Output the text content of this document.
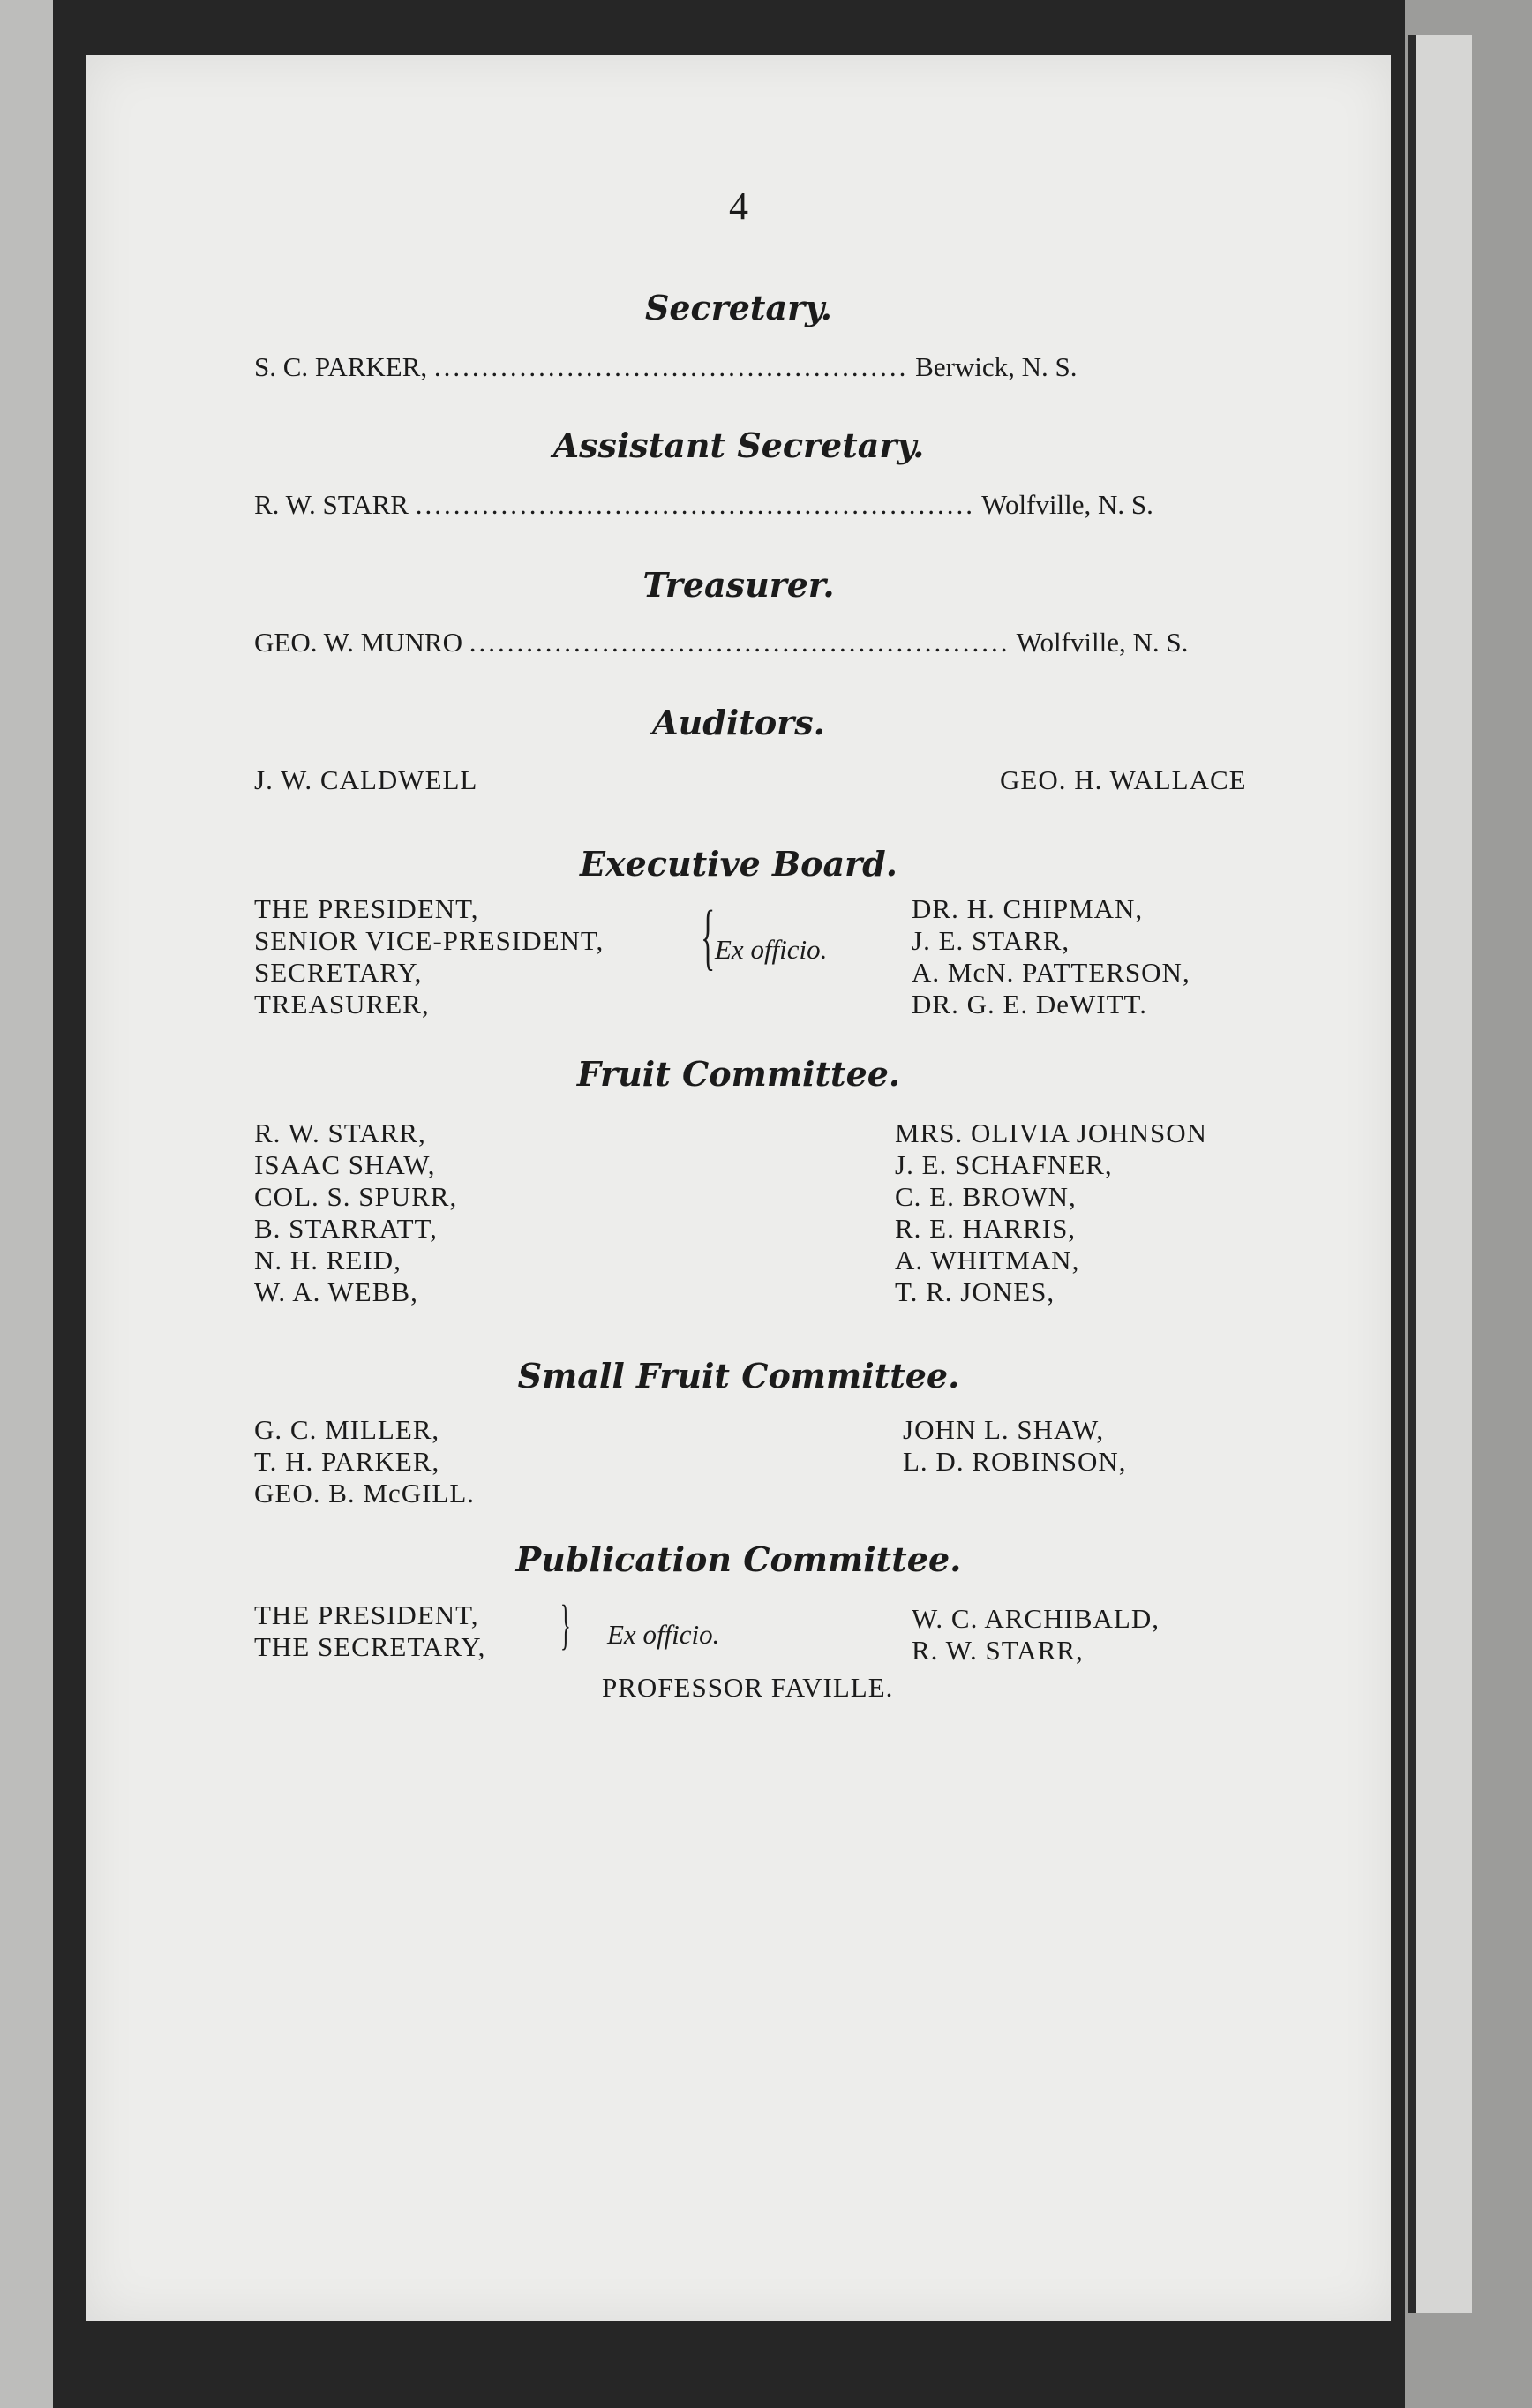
4
Secretary.
S. C. PARKER, .................................................. Berwick, N. S.
Assistant Secretary.
R. W. STARR ........................................................... Wolfville, N. S.
Treasurer.
GEO. W. MUNRO ......................................................... Wolfville, N. S.
Auditors.
J. W. CALDWELL	GEO. H. WALLACE
Executive Board.
THE PRESIDENT,
SENIOR VICE-PRESIDENT,
SECRETARY,
TREASURER,
{ Ex officio.
DR. H. CHIPMAN,
J. E. STARR,
A. McN. PATTERSON,
DR. G. E. DeWITT.
Fruit Committee.
R. W. STARR,
ISAAC SHAW,
COL. S. SPURR,
B. STARRATT,
N. H. REID,
W. A. WEBB,
MRS. OLIVIA JOHNSON
J. E. SCHAFNER,
C. E. BROWN,
R. E. HARRIS,
A. WHITMAN,
T. R. JONES,
Small Fruit Committee.
G. C. MILLER,
T. H. PARKER,
GEO. B. McGILL.
JOHN L. SHAW,
L. D. ROBINSON,
Publication Committee.
THE PRESIDENT,
THE SECRETARY, } Ex officio.
W. C. ARCHIBALD,
R. W. STARR,
PROFESSOR FAVILLE.
